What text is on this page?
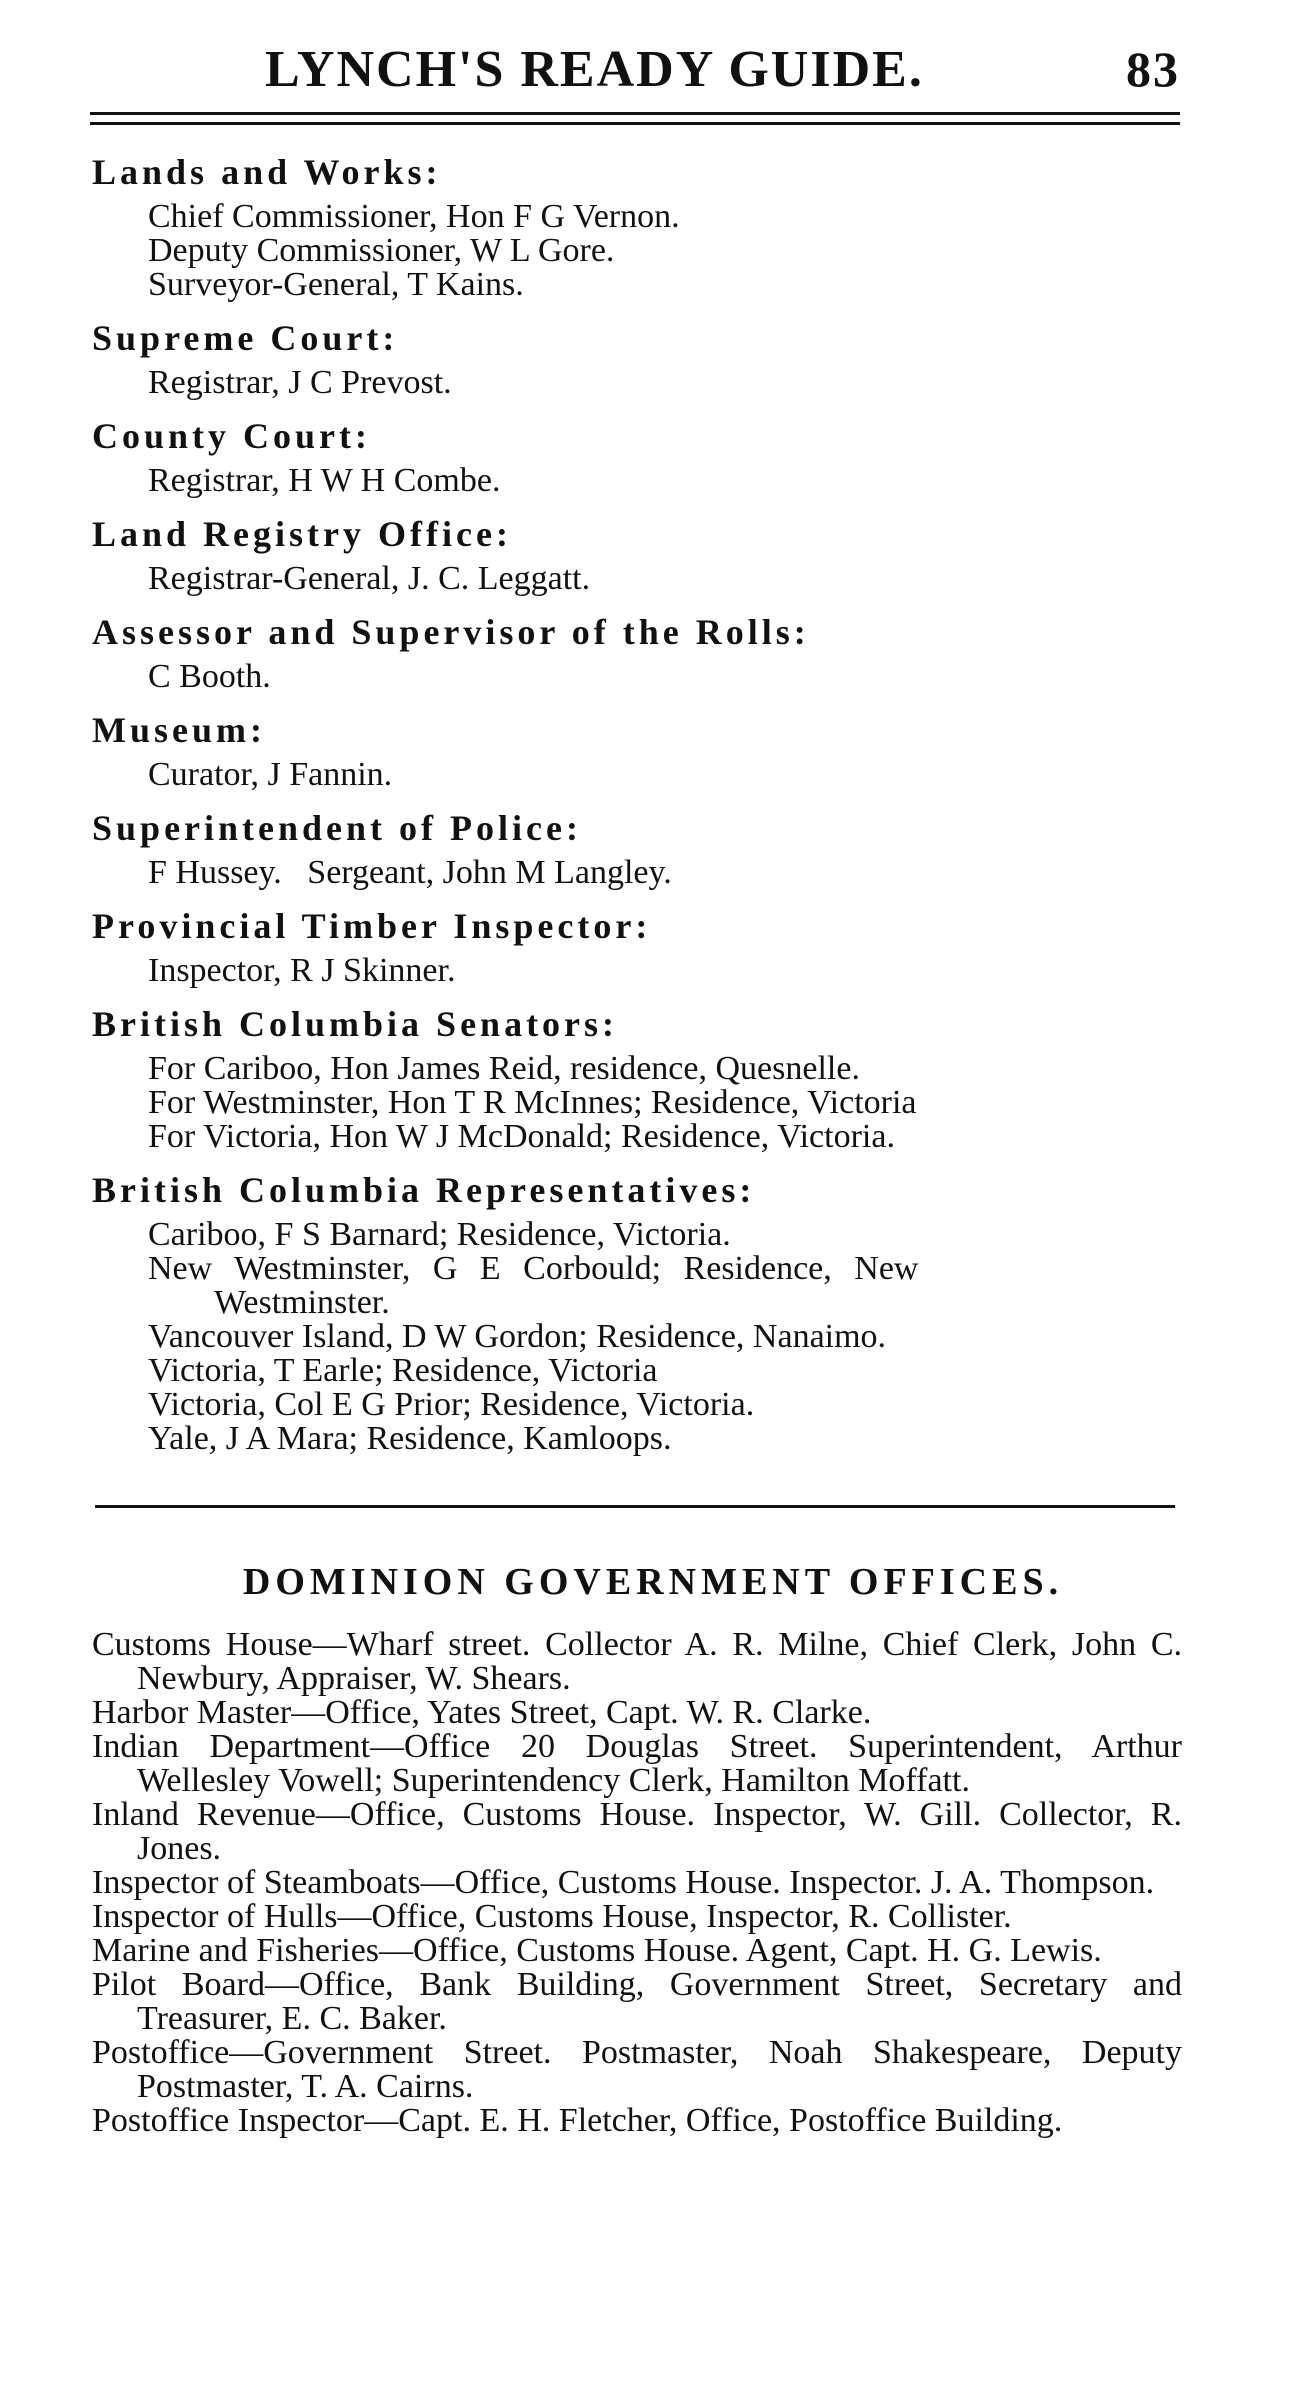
LYNCH'S READY GUIDE.	83
Lands and Works:
Chief Commissioner, Hon F G Vernon.
Deputy Commissioner, W L Gore.
Surveyor-General, T Kains.
Supreme Court:
Registrar, J C Prevost.
County Court:
Registrar, H W H Combe.
Land Registry Office:
Registrar-General, J. C. Leggatt.
Assessor and Supervisor of the Rolls:
C Booth.
Museum:
Curator, J Fannin.
Superintendent of Police:
F Hussey.   Sergeant, John M Langley.
Provincial Timber Inspector:
Inspector, R J Skinner.
British Columbia Senators:
For Cariboo, Hon James Reid, residence, Quesnelle.
For Westminster, Hon T R McInnes; Residence, Victoria
For Victoria, Hon W J McDonald; Residence, Victoria.
British Columbia Representatives:
Cariboo, F S Barnard; Residence, Victoria.
New Westminster, G E Corbould; Residence, New
Westminster.
Vancouver Island, D W Gordon; Residence, Nanaimo.
Victoria, T Earle; Residence, Victoria
Victoria, Col E G Prior; Residence, Victoria.
Yale, J A Mara; Residence, Kamloops.
DOMINION GOVERNMENT OFFICES.
Customs House—Wharf street. Collector A. R. Milne, Chief Clerk, John C. Newbury, Appraiser, W. Shears.
Harbor Master—Office, Yates Street, Capt. W. R. Clarke.
Indian Department—Office 20 Douglas Street. Superintendent, Arthur Wellesley Vowell; Superintendency Clerk, Hamilton Moffatt.
Inland Revenue—Office, Customs House. Inspector, W. Gill. Collector, R. Jones.
Inspector of Steamboats—Office, Customs House. Inspector. J. A. Thompson.
Inspector of Hulls—Office, Customs House, Inspector, R. Collister.
Marine and Fisheries—Office, Customs House. Agent, Capt. H. G. Lewis.
Pilot Board—Office, Bank Building, Government Street, Secretary and Treasurer, E. C. Baker.
Postoffice—Government Street. Postmaster, Noah Shakespeare, Deputy Postmaster, T. A. Cairns.
Postoffice Inspector—Capt. E. H. Fletcher, Office, Postoffice Building.
